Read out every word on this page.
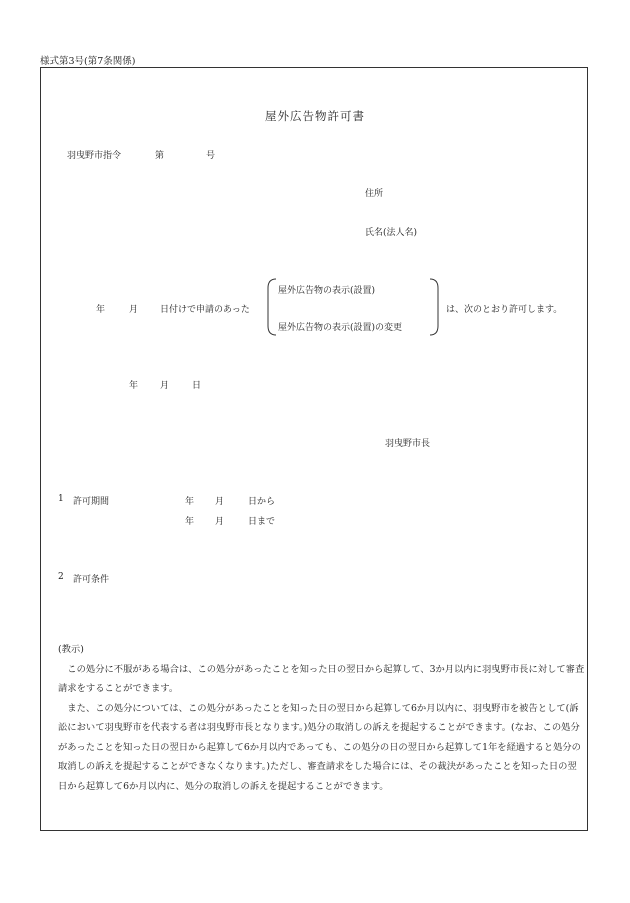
様式第3号(第7条関係)
屋外広告物許可書
羽曳野市指令	第	号
住所
氏名(法人名)
年	月 日付けで申請のあった
屋外広告物の表示(設置)
屋外広告物の表示(設置)の変更
は、次のとおり許可します。
年 月	日
羽曳野市長
1 許可期間	年 月	日から
年 月	日まで
2 許可条件

(教示)

この処分に不服がある場合は、この処分があったことを知った日の翌日から起算して、3か月以内に羽曳野市長に対して審査請求をすることができます。

また、この処分については、この処分があったことを知った日の翌日から起算して6か月以内に、羽曳野市を被告として(訴訟において羽曳野市を代表する者は羽曳野市長となります。)処分の取消しの訴えを提起することができます。(なお、この処分があったことを知った日の翌日から起算して6か月以内であっても、この処分の日の翌日から起算して1年を経過すると処分の取消しの訴えを提起することができなくなります。)ただし、審査請求をした場合には、その裁決があったことを知った日の翌日から起算して6か月以内に、処分の取消しの訴えを提起することができます。
